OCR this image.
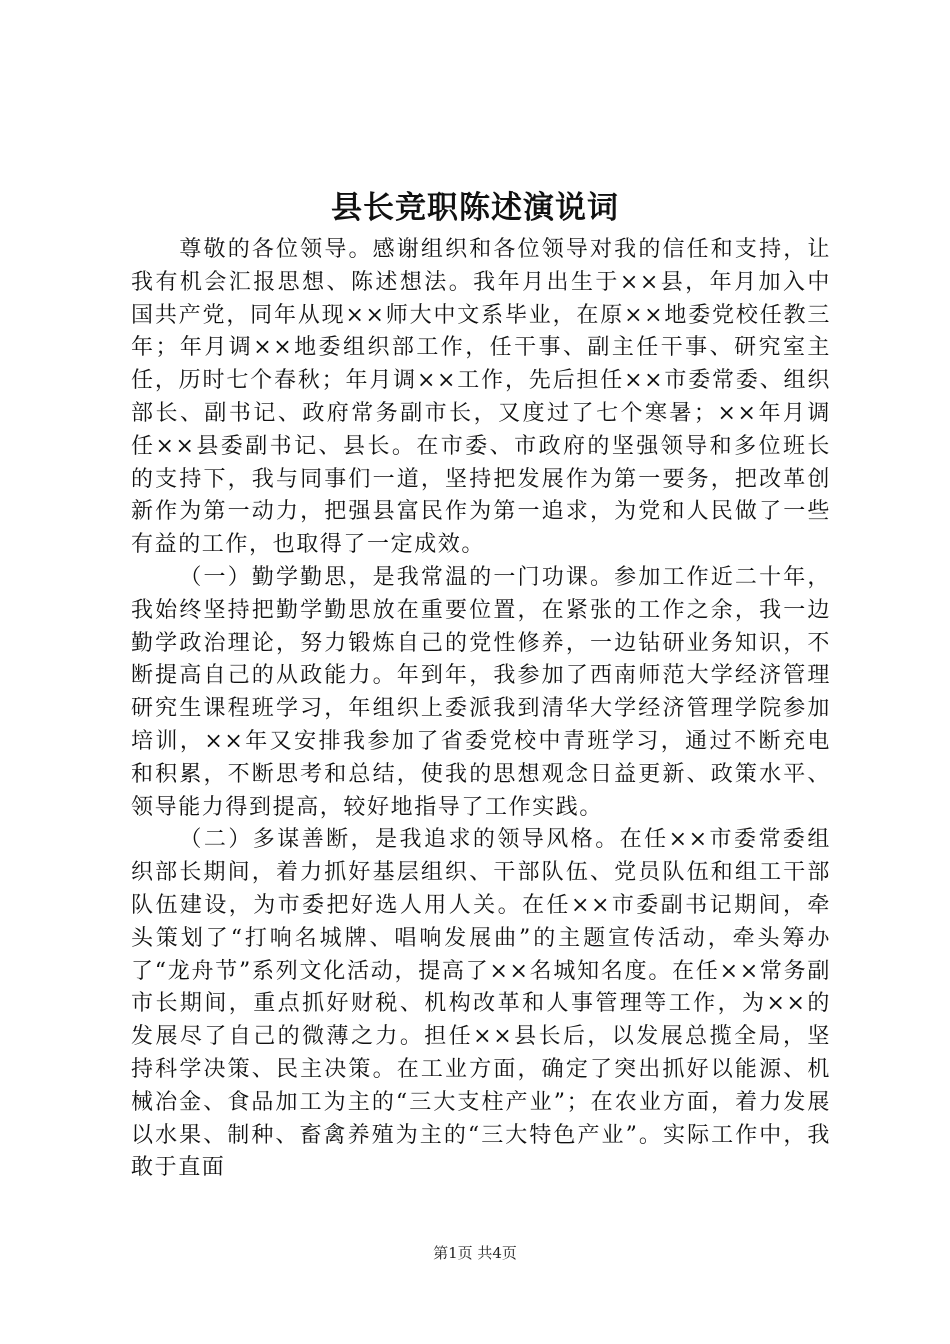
县长竞职陈述演说词

尊敬的各位领导。感谢组织和各位领导对我的信任和支持，让我有机会汇报思想、陈述想法。我年月出生于××县，年月加入中国共产党，同年从现××师大中文系毕业，在原××地委党校任教三年；年月调××地委组织部工作，任干事、副主任干事、研究室主任，历时七个春秋；年月调××工作，先后担任××市委常委、组织部长、副书记、政府常务副市长，又度过了七个寒暑；××年月调任××县委副书记、县长。在市委、市政府的坚强领导和多位班长的支持下，我与同事们一道，坚持把发展作为第一要务，把改革创新作为第一动力，把强县富民作为第一追求，为党和人民做了一些有益的工作，也取得了一定成效。

（一）勤学勤思，是我常温的一门功课。参加工作近二十年，我始终坚持把勤学勤思放在重要位置，在紧张的工作之余，我一边勤学政治理论，努力锻炼自己的党性修养，一边钻研业务知识，不断提高自己的从政能力。年到年，我参加了西南师范大学经济管理研究生课程班学习，年组织上委派我到清华大学经济管理学院参加培训，××年又安排我参加了省委党校中青班学习，通过不断充电和积累，不断思考和总结，使我的思想观念日益更新、政策水平、领导能力得到提高，较好地指导了工作实践。

（二）多谋善断，是我追求的领导风格。在任××市委常委组织部长期间，着力抓好基层组织、干部队伍、党员队伍和组工干部队伍建设，为市委把好选人用人关。在任××市委副书记期间，牵头策划了“打响名城牌、唱响发展曲”的主题宣传活动，牵头筹办了“龙舟节”系列文化活动，提高了××名城知名度。在任××常务副市长期间，重点抓好财税、机构改革和人事管理等工作，为××的发展尽了自己的微薄之力。担任××县长后，以发展总揽全局，坚持科学决策、民主决策。在工业方面，确定了突出抓好以能源、机械冶金、食品加工为主的“三大支柱产业”；在农业方面，着力发展以水果、制种、畜禽养殖为主的“三大特色产业”。实际工作中，我敢于直面

第1页 共4页
